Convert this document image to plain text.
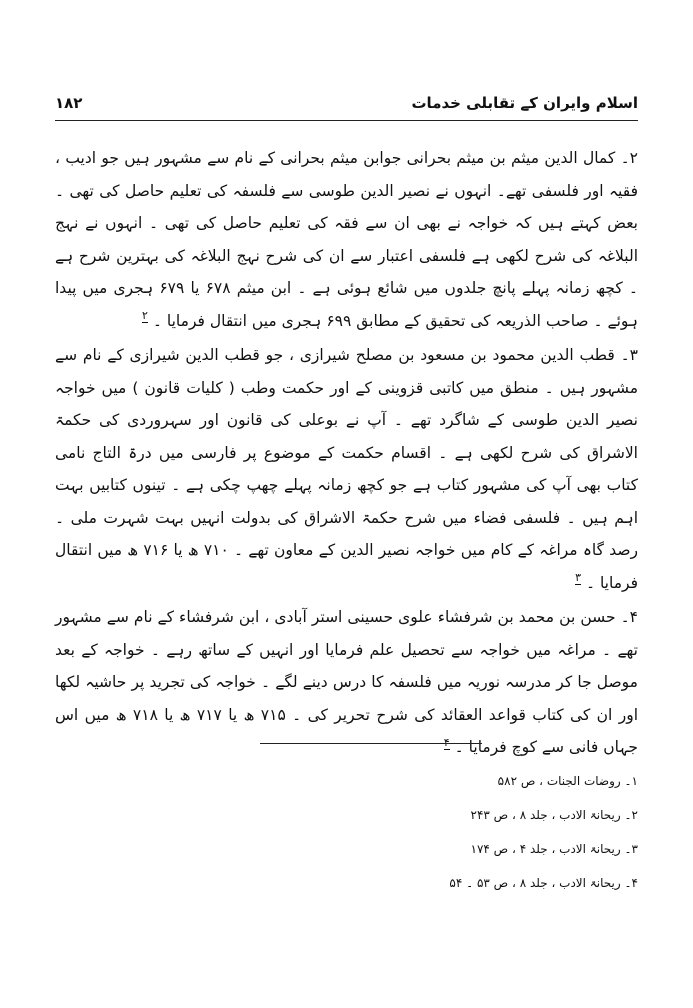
اسلام وایران کے تقابلی خدمات
۱۸۲

۲۔ کمال الدین میثم بن میثم بحرانی جوابن میثم بحرانی کے نام سے مشہور ہیں جو ادیب ، فقیہ اور فلسفی تھے۔ انہوں نے نصیر الدین طوسی سے فلسفہ کی تعلیم حاصل کی تھی ۔ بعض کہتے ہیں کہ خواجہ نے بھی ان سے فقہ کی تعلیم حاصل کی تھی ۔ انہوں نے نہج البلاغہ کی شرح لکھی ہے فلسفی اعتبار سے ان کی شرح نہج البلاغہ کی بہترین شرح ہے ۔ کچھ زمانہ پہلے پانچ جلدوں میں شائع ہوئی ہے ۔ ابن میثم ۶۷۸ یا ۶۷۹ ہجری میں پیدا ہوئے ۔ صاحب الذریعہ کی تحقیق کے مطابق ۶۹۹ ہجری میں انتقال فرمایا ۔ $^۲$

۳۔ قطب الدین محمود بن مسعود بن مصلح شیرازی ، جو قطب الدین شیرازی کے نام سے مشہور ہیں ۔ منطق میں کاتبی قزوینی کے اور حکمت وطب ( کلیات قانون ) میں خواجہ نصیر الدین طوسی کے شاگرد تھے ۔ آپ نے بوعلی کی قانون اور سہروردی کی حکمۃ الاشراق کی شرح لکھی ہے ۔ اقسام حکمت کے موضوع پر فارسی میں درۃ التاج نامی کتاب بھی آپ کی مشہور کتاب ہے جو کچھ زمانہ پہلے چھپ چکی ہے ۔ تینوں کتابیں بہت اہم ہیں ۔ فلسفی فضاء میں شرح حکمۃ الاشراق کی بدولت انہیں بہت شہرت ملی ۔ رصد گاہ مراغہ کے کام میں خواجہ نصیر الدین کے معاون تھے ۔ ۷۱۰ ھ یا ۷۱۶ ھ میں انتقال فرمایا ۔ $^۳$

۴۔ حسن بن محمد بن شرفشاء علوی حسینی استر آبادی ، ابن شرفشاء کے نام سے مشہور تھے ۔ مراغہ میں خواجہ سے تحصیل علم فرمایا اور انہیں کے ساتھ رہے ۔ خواجہ کے بعد موصل جا کر مدرسہ نوریہ میں فلسفہ کا درس دینے لگے ۔ خواجہ کی تجرید پر حاشیہ لکھا اور ان کی کتاب قواعد العقائد کی شرح تحریر کی ۔ ۷۱۵ ھ یا ۷۱۷ ھ یا ۷۱۸ ھ میں اس جہاں فانی سے کوچ فرمایا ۔ $^۴$

۱۔ روضات الجنات ، ص ۵۸۲

۲۔ ریحانۃ الادب ، جلد ۸ ، ص ۲۴۳

۳۔ ریحانۃ الادب ، جلد ۴ ، ص ۱۷۴

۴۔ ریحانۃ الادب ، جلد ۸ ، ص ۵۳ ۔ ۵۴
